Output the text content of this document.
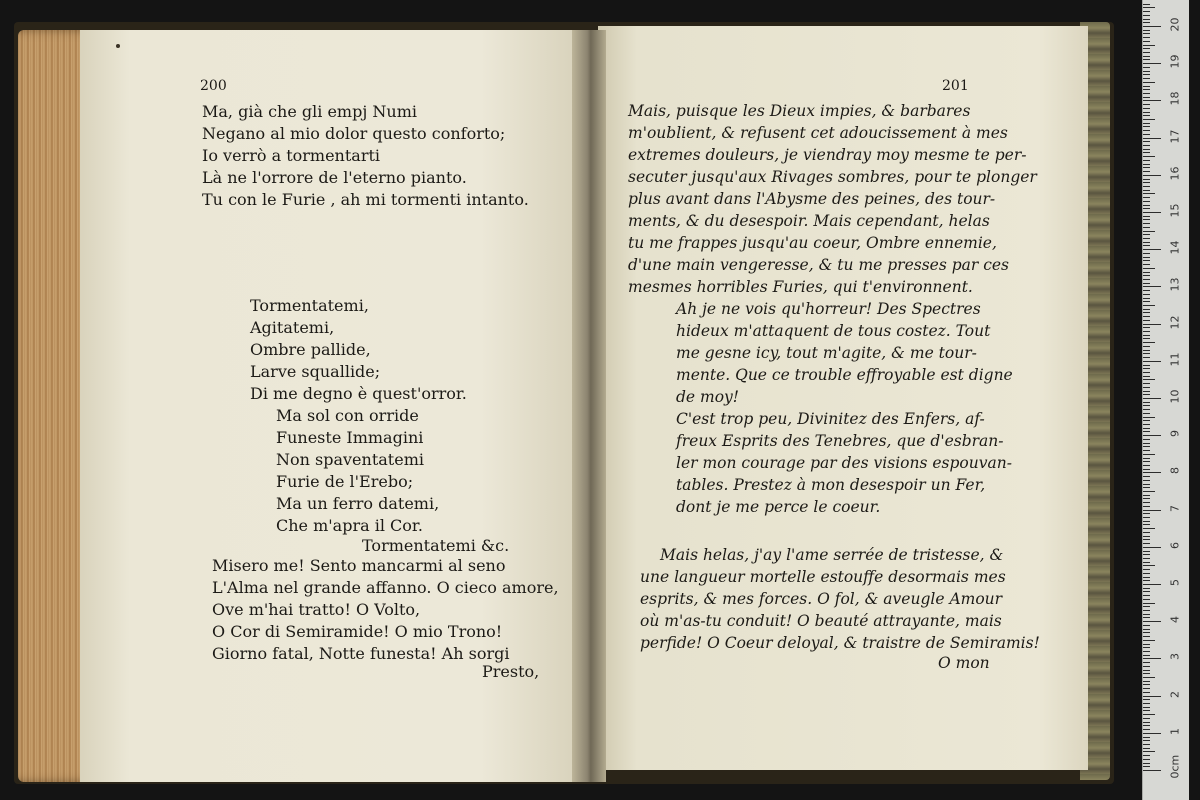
200
Ma, già che gli empj Numi
Negano al mio dolor questo conforto;
Io verrò a tormentarti
Là ne l'orrore de l'eterno pianto.
Tu con le Furie , ah mi tormenti intanto.
Tormentatemi,
Agitatemi,
Ombre pallide,
Larve squallide;
Di me degno è quest'orror.
Ma sol con orride
Funeste Immagini
Non spaventatemi
Furie de l'Erebo;
Ma un ferro datemi,
Che m'apra il Cor.
Tormentatemi &c.
Misero me! Sento mancarmi al seno
L'Alma nel grande affanno. O cieco amore,
Ove m'hai tratto! O Volto,
O Cor di Semiramide! O mio Trono!
Giorno fatal, Notte funesta! Ah sorgi
Presto,
201
Mais, puisque les Dieux impies, & barbares
m'oublient, & refusent cet adoucissement à mes
extremes douleurs, je viendray moy mesme te per-
secuter jusqu'aux Rivages sombres, pour te plonger
plus avant dans l'Abysme des peines, des tour-
ments, & du desespoir. Mais cependant, helas
tu me frappes jusqu'au coeur, Ombre ennemie,
d'une main vengeresse, & tu me presses par ces
mesmes horribles Furies, qui t'environnent.
Ah je ne vois qu'horreur! Des Spectres
hideux m'attaquent de tous costez. Tout
me gesne icy, tout m'agite, & me tour-
mente. Que ce trouble effroyable est digne
de moy!
C'est trop peu, Divinitez des Enfers, af-
freux Esprits des Tenebres, que d'esbran-
ler mon courage par des visions espouvan-
tables. Prestez à mon desespoir un Fer,
dont je me perce le coeur.
Mais helas, j'ay l'ame serrée de tristesse, &
une langueur mortelle estouffe desormais mes
esprits, & mes forces. O fol, & aveugle Amour
où m'as-tu conduit! O beauté attrayante, mais
perfide! O Coeur deloyal, & traistre de Semiramis!
O mon
0cm
1
2
3
4
5
6
7
8
9
10
11
12
13
14
15
16
17
18
19
20
